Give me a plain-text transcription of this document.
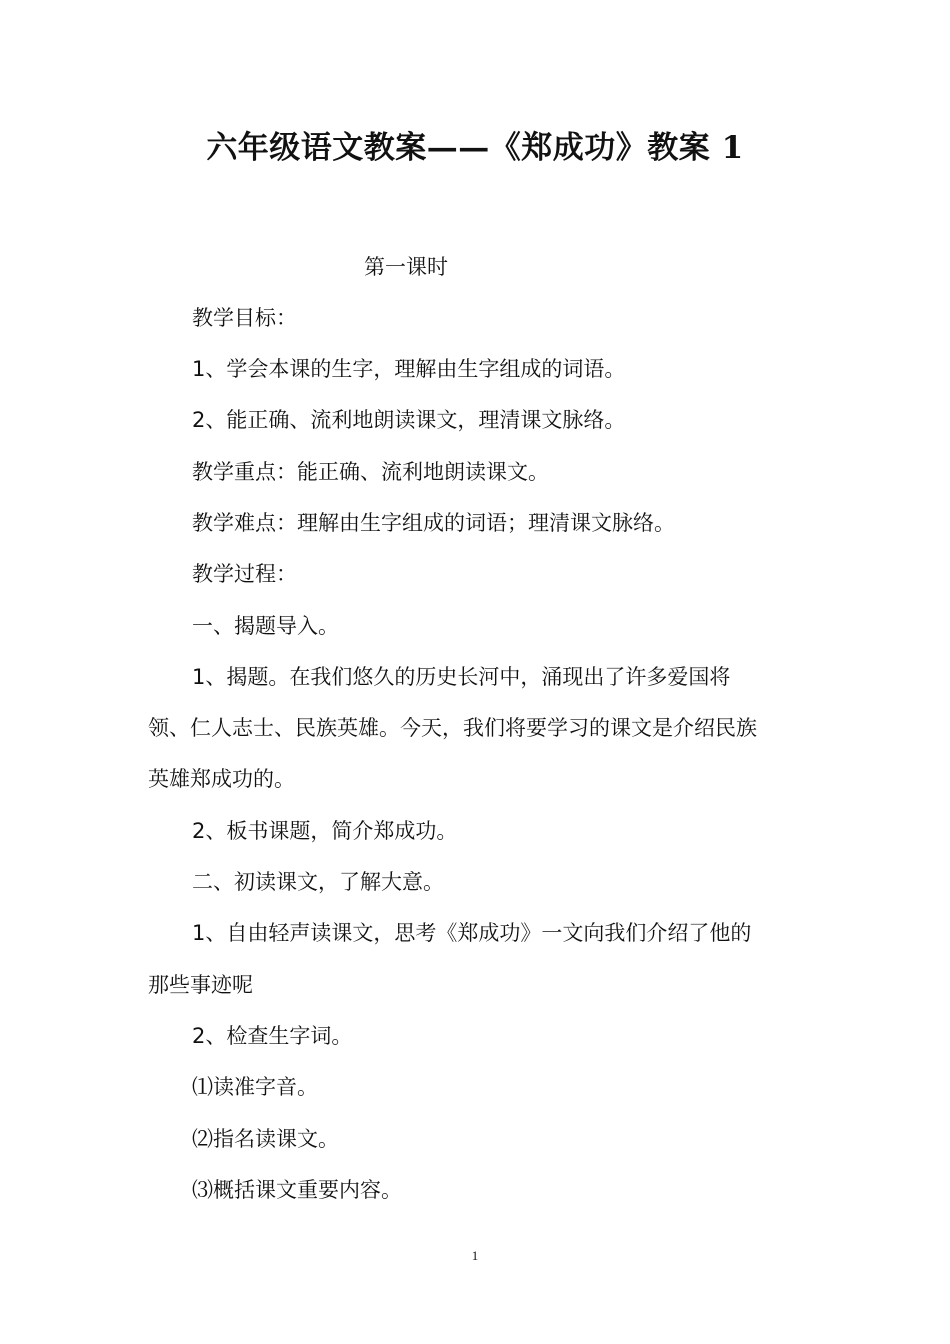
六年级语文教案——《郑成功》教案 1

第一课时

教学目标：

1、学会本课的生字，理解由生字组成的词语。

2、能正确、流利地朗读课文，理清课文脉络。

教学重点：能正确、流利地朗读课文。

教学难点：理解由生字组成的词语；理清课文脉络。

教学过程：

一、揭题导入。

1、揭题。在我们悠久的历史长河中，涌现出了许多爱国将

领、仁人志士、民族英雄。今天，我们将要学习的课文是介绍民族

英雄郑成功的。

2、板书课题，简介郑成功。

二、初读课文，了解大意。

1、自由轻声读课文，思考《郑成功》一文向我们介绍了他的

那些事迹呢

2、检查生字词。

⑴读准字音。

⑵指名读课文。

⑶概括课文重要内容。

1
